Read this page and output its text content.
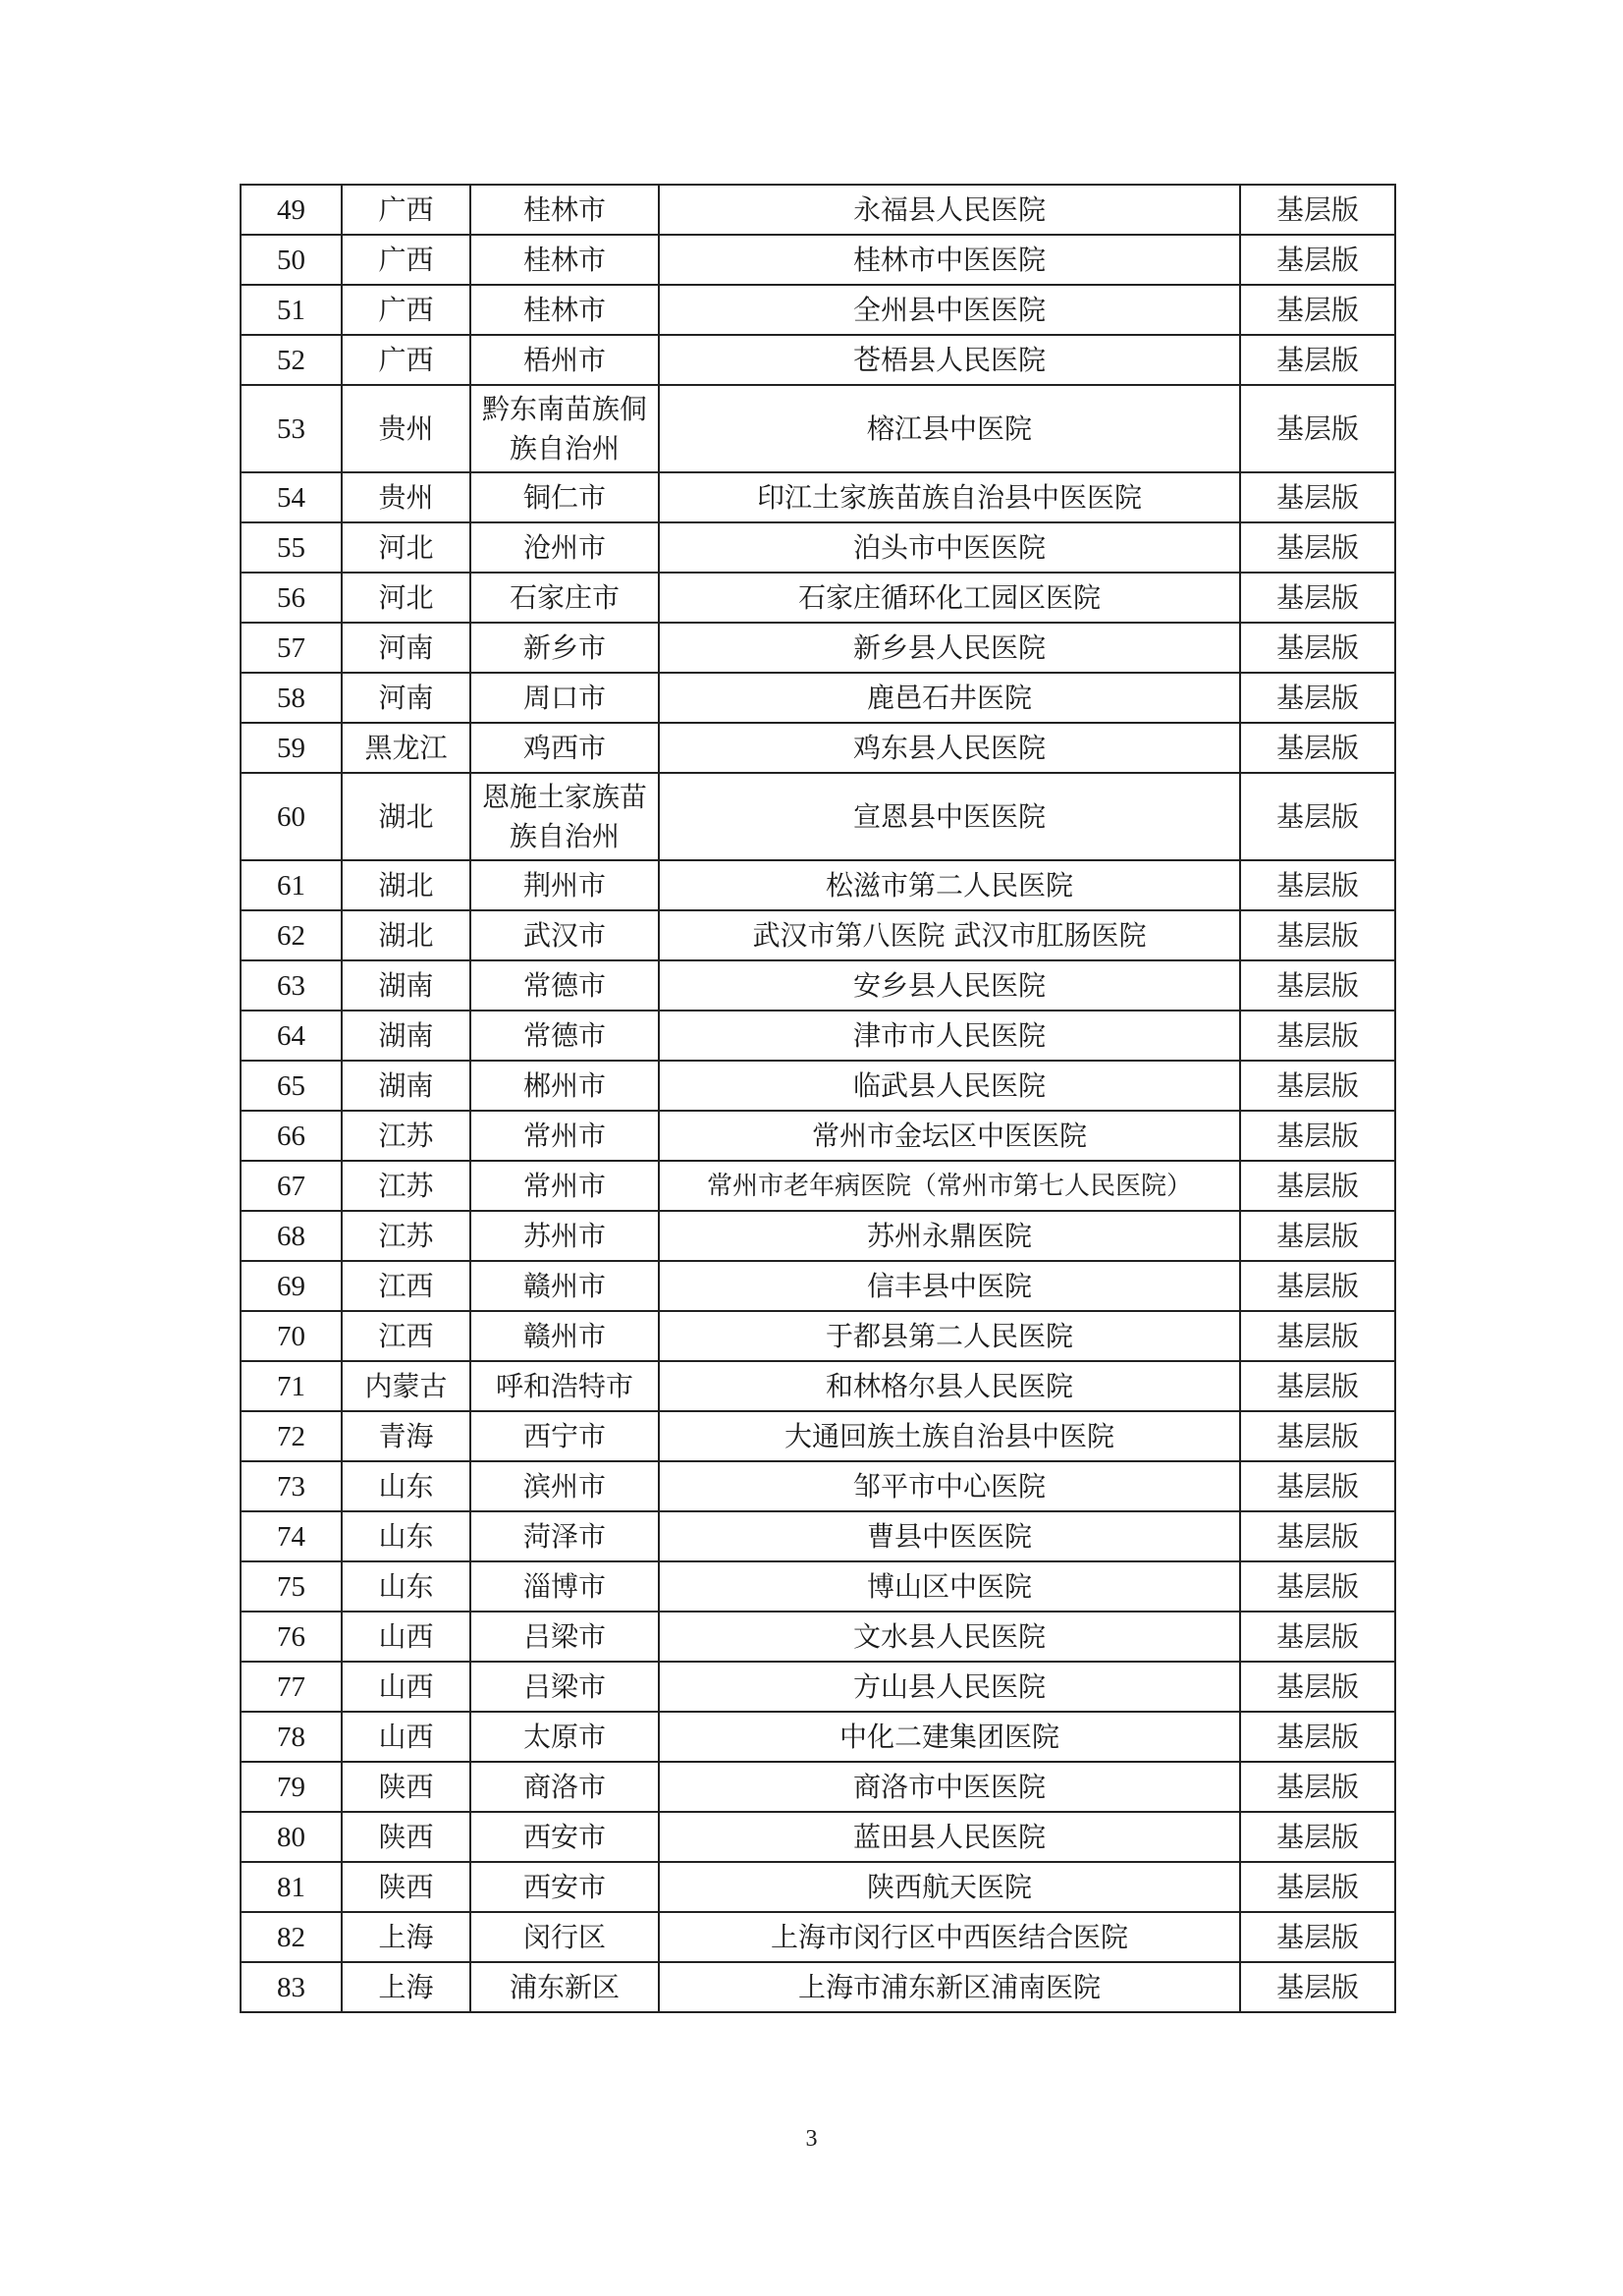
49	广西	桂林市	永福县人民医院	基层版
50	广西	桂林市	桂林市中医医院	基层版
51	广西	桂林市	全州县中医医院	基层版
52	广西	梧州市	苍梧县人民医院	基层版
53	贵州	黔东南苗族侗族自治州	榕江县中医院	基层版
54	贵州	铜仁市	印江土家族苗族自治县中医医院	基层版
55	河北	沧州市	泊头市中医医院	基层版
56	河北	石家庄市	石家庄循环化工园区医院	基层版
57	河南	新乡市	新乡县人民医院	基层版
58	河南	周口市	鹿邑石井医院	基层版
59	黑龙江	鸡西市	鸡东县人民医院	基层版
60	湖北	恩施土家族苗族自治州	宣恩县中医医院	基层版
61	湖北	荆州市	松滋市第二人民医院	基层版
62	湖北	武汉市	武汉市第八医院 武汉市肛肠医院	基层版
63	湖南	常德市	安乡县人民医院	基层版
64	湖南	常德市	津市市人民医院	基层版
65	湖南	郴州市	临武县人民医院	基层版
66	江苏	常州市	常州市金坛区中医医院	基层版
67	江苏	常州市	常州市老年病医院（常州市第七人民医院）	基层版
68	江苏	苏州市	苏州永鼎医院	基层版
69	江西	赣州市	信丰县中医院	基层版
70	江西	赣州市	于都县第二人民医院	基层版
71	内蒙古	呼和浩特市	和林格尔县人民医院	基层版
72	青海	西宁市	大通回族土族自治县中医院	基层版
73	山东	滨州市	邹平市中心医院	基层版
74	山东	菏泽市	曹县中医医院	基层版
75	山东	淄博市	博山区中医院	基层版
76	山西	吕梁市	文水县人民医院	基层版
77	山西	吕梁市	方山县人民医院	基层版
78	山西	太原市	中化二建集团医院	基层版
79	陕西	商洛市	商洛市中医医院	基层版
80	陕西	西安市	蓝田县人民医院	基层版
81	陕西	西安市	陕西航天医院	基层版
82	上海	闵行区	上海市闵行区中西医结合医院	基层版
83	上海	浦东新区	上海市浦东新区浦南医院	基层版
3
